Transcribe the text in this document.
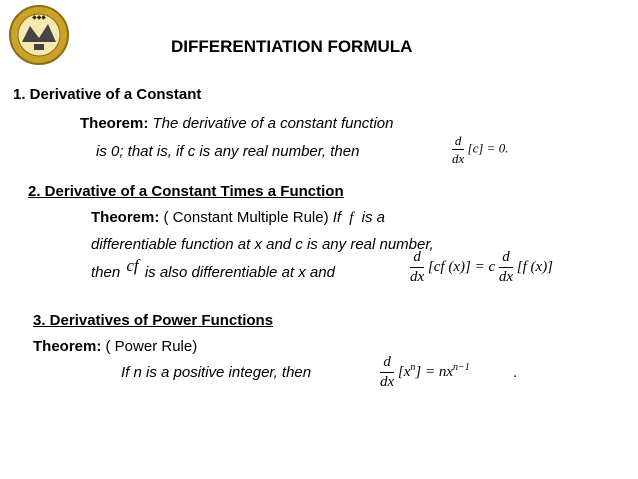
◆◆◆
DIFFERENTIATION FORMULA
1. Derivative of a Constant
Theorem: The derivative of a constant function
is 0; that is, if c is any real number, then	$\frac{d}{dx} [c] = 0$.
2. Derivative of a Constant Times a Function
Theorem: ( Constant Multiple Rule) If f is a
differentiable function at x and c is any real number,
then cf is also differentiable at x and	$\frac{d}{dx} [cf$ (x)] = c $\frac{d}{dx} [f$ (x)]
3. Derivatives of Power Functions
Theorem: ( Power Rule)
If n is a positive integer, then	$\frac{d}{dx} [x^n] = nx^{n-1}$	.
